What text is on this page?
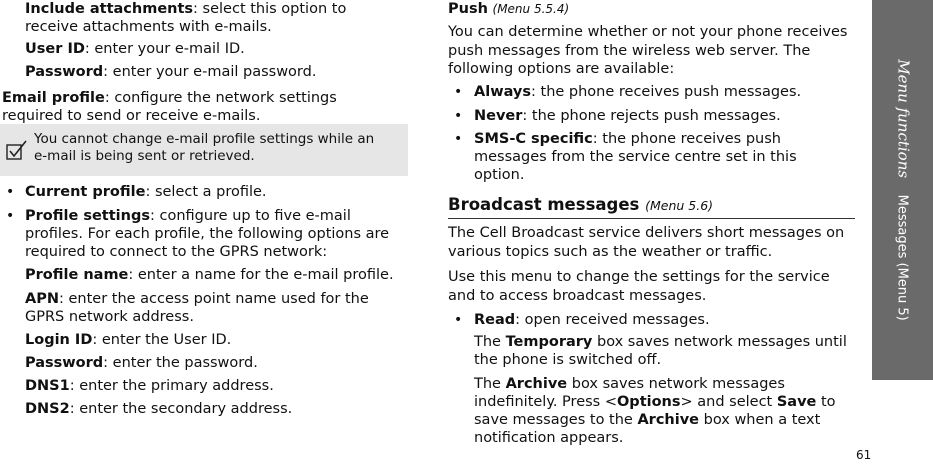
Include attachments: select this option to
receive attachments with e-mails.
User ID: enter your e-mail ID.
Password: enter your e-mail password.
Email profile: configure the network settings
required to send or receive e-mails.
You cannot change e-mail profile settings while an
e-mail is being sent or retrieved.
• Current profile: select a profile.
• Profile settings: configure up to five e-mail
profiles. For each profile, the following options are
required to connect to the GPRS network:
Profile name: enter a name for the e-mail profile.
APN: enter the access point name used for the
GPRS network address.
Login ID: enter the User ID.
Password: enter the password.
DNS1: enter the primary address.
DNS2: enter the secondary address.
Push (Menu 5.5.4)
You can determine whether or not your phone receives
push messages from the wireless web server. The
following options are available:
• Always: the phone receives push messages.
• Never: the phone rejects push messages.
• SMS-C specific: the phone receives push
messages from the service centre set in this
option.
Broadcast messages (Menu 5.6)
The Cell Broadcast service delivers short messages on
various topics such as the weather or traffic.
Use this menu to change the settings for the service
and to access broadcast messages.
• Read: open received messages.
The Temporary box saves network messages until
the phone is switched off.
The Archive box saves network messages
indefinitely. Press <Options> and select Save to
save messages to the Archive box when a text
notification appears.
Menu functions    Messages (Menu 5)
61
